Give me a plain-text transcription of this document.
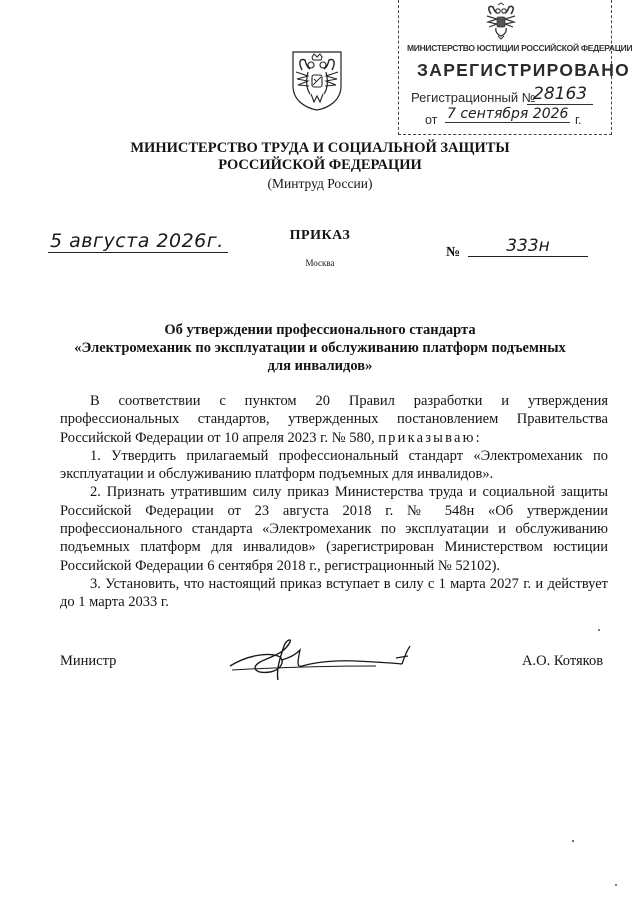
МИНИСТЕРСТВО ЮСТИЦИИ РОССИЙСКОЙ ФЕДЕРАЦИИ
ЗАРЕГИСТРИРОВАНО
Регистрационный №
28163
от 7 сентября 2026 г.
МИНИСТЕРСТВО ТРУДА И СОЦИАЛЬНОЙ ЗАЩИТЫ
РОССИЙСКОЙ ФЕДЕРАЦИИ
(Минтруд России)
5 августа 2026г.	ПРИКАЗ
Москва
№	333н
Об утверждении профессионального стандарта
«Электромеханик по эксплуатации и обслуживанию платформ подъемных
для инвалидов»

В соответствии с пунктом 20 Правил разработки и утверждения профессиональных стандартов, утвержденных постановлением Правительства Российской Федерации от 10 апреля 2023 г. № 580, приказываю:

1. Утвердить прилагаемый профессиональный стандарт «Электромеханик по эксплуатации и обслуживанию платформ подъемных для инвалидов».

2. Признать утратившим силу приказ Министерства труда и социальной защиты Российской Федерации от 23 августа 2018 г. № 548н «Об утверждении профессионального стандарта «Электромеханик по эксплуатации и обслуживанию подъемных платформ для инвалидов» (зарегистрирован Министерством юстиции Российской Федерации 6 сентября 2018 г., регистрационный № 52102).

3. Установить, что настоящий приказ вступает в силу с 1 марта 2027 г. и действует до 1 марта 2033 г.

Министр	А.О. Котяков
